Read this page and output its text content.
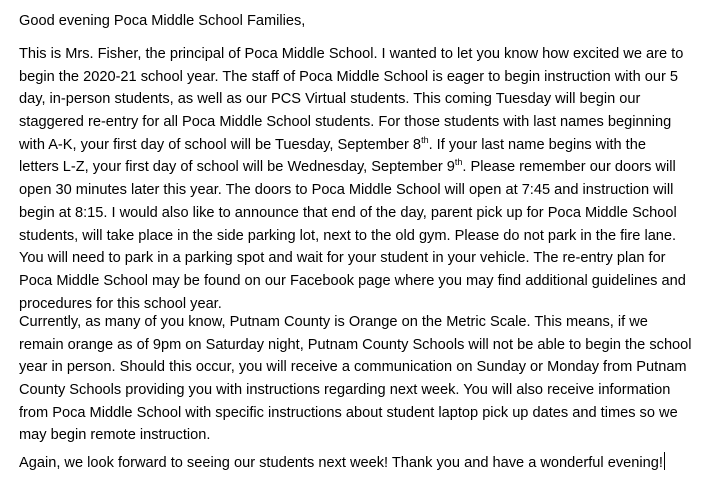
Good evening Poca Middle School Families,

This is Mrs. Fisher, the principal of Poca Middle School. I wanted to let you know how excited we are to
begin the 2020-21 school year. The staff of Poca Middle School is eager to begin instruction with our 5
day, in-person students, as well as our PCS Virtual students. This coming Tuesday will begin our
staggered re-entry for all Poca Middle School students. For those students with last names beginning
with A-K, your first day of school will be Tuesday, September 8th. If your last name begins with the
letters L-Z, your first day of school will be Wednesday, September 9th. Please remember our doors will
open 30 minutes later this year. The doors to Poca Middle School will open at 7:45 and instruction will
begin at 8:15. I would also like to announce that end of the day, parent pick up for Poca Middle School
students, will take place in the side parking lot, next to the old gym. Please do not park in the fire lane.
You will need to park in a parking spot and wait for your student in your vehicle. The re-entry plan for
Poca Middle School may be found on our Facebook page where you may find additional guidelines and
procedures for this school year.

Currently, as many of you know, Putnam County is Orange on the Metric Scale. This means, if we
remain orange as of 9pm on Saturday night, Putnam County Schools will not be able to begin the school
year in person. Should this occur, you will receive a communication on Sunday or Monday from Putnam
County Schools providing you with instructions regarding next week. You will also receive information
from Poca Middle School with specific instructions about student laptop pick up dates and times so we
may begin remote instruction.

Again, we look forward to seeing our students next week! Thank you and have a wonderful evening!
